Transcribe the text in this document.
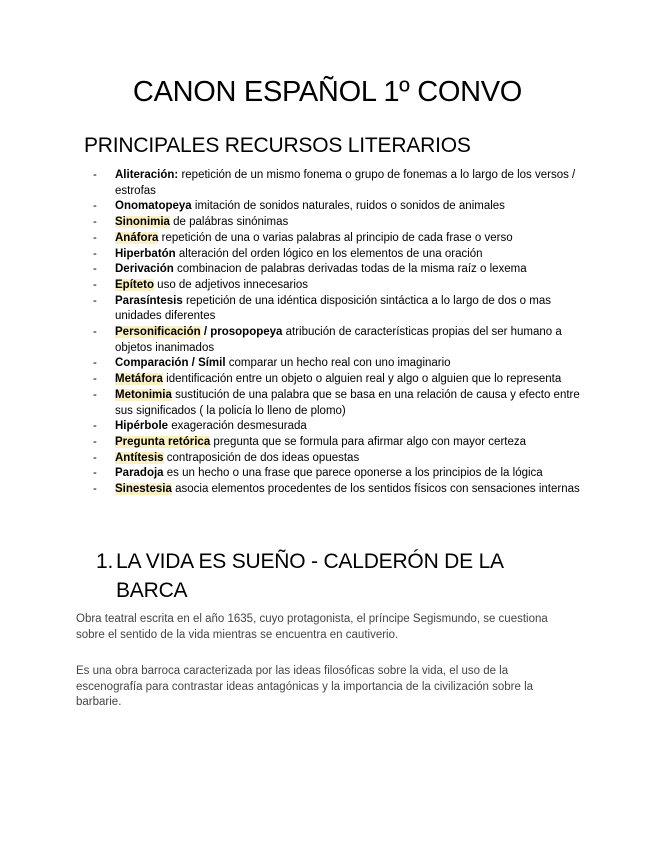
CANON ESPAÑOL 1º CONVO
PRINCIPALES RECURSOS LITERARIOS
- Aliteración: repetición de un mismo fonema o grupo de fonemas a lo largo de los versos / estrofas
- Onomatopeya imitación de sonidos naturales, ruidos o sonidos de animales
- Sinonimia de palábras sinónimas
- Anáfora repetición de una o varias palabras al principio de cada frase o verso
- Hiperbatón alteración del orden lógico en los elementos de una oración
- Derivación combinacion de palabras derivadas todas de la misma raíz o lexema
- Epíteto uso de adjetivos innecesarios
- Parasíntesis repetición de una idéntica disposición sintáctica a lo largo de dos o mas unidades diferentes
- Personificación / prosopopeya atribución de características propias del ser humano a objetos inanimados
- Comparación / Símil comparar un hecho real con uno imaginario
- Metáfora identificación entre un objeto o alguien real y algo o alguien que lo representa
- Metonimia sustitución de una palabra que se basa en una relación de causa y efecto entre sus significados ( la policía lo lleno de plomo)
- Hipérbole exageración desmesurada
- Pregunta retórica pregunta que se formula para afirmar algo con mayor certeza
- Antítesis contraposición de dos ideas opuestas
- Paradoja es un hecho o una frase que parece oponerse a los principios de la lógica
- Sinestesia asocia elementos procedentes de los sentidos físicos con sensaciones internas
1. LA VIDA ES SUEÑO - CALDERÓN DE LA BARCA

Obra teatral escrita en el año 1635, cuyo protagonista, el príncipe Segismundo, se cuestiona sobre el sentido de la vida mientras se encuentra en cautiverio.

Es una obra barroca caracterizada por las ideas filosóficas sobre la vida, el uso de la escenografía para contrastar ideas antagónicas y la importancia de la civilización sobre la barbarie.
